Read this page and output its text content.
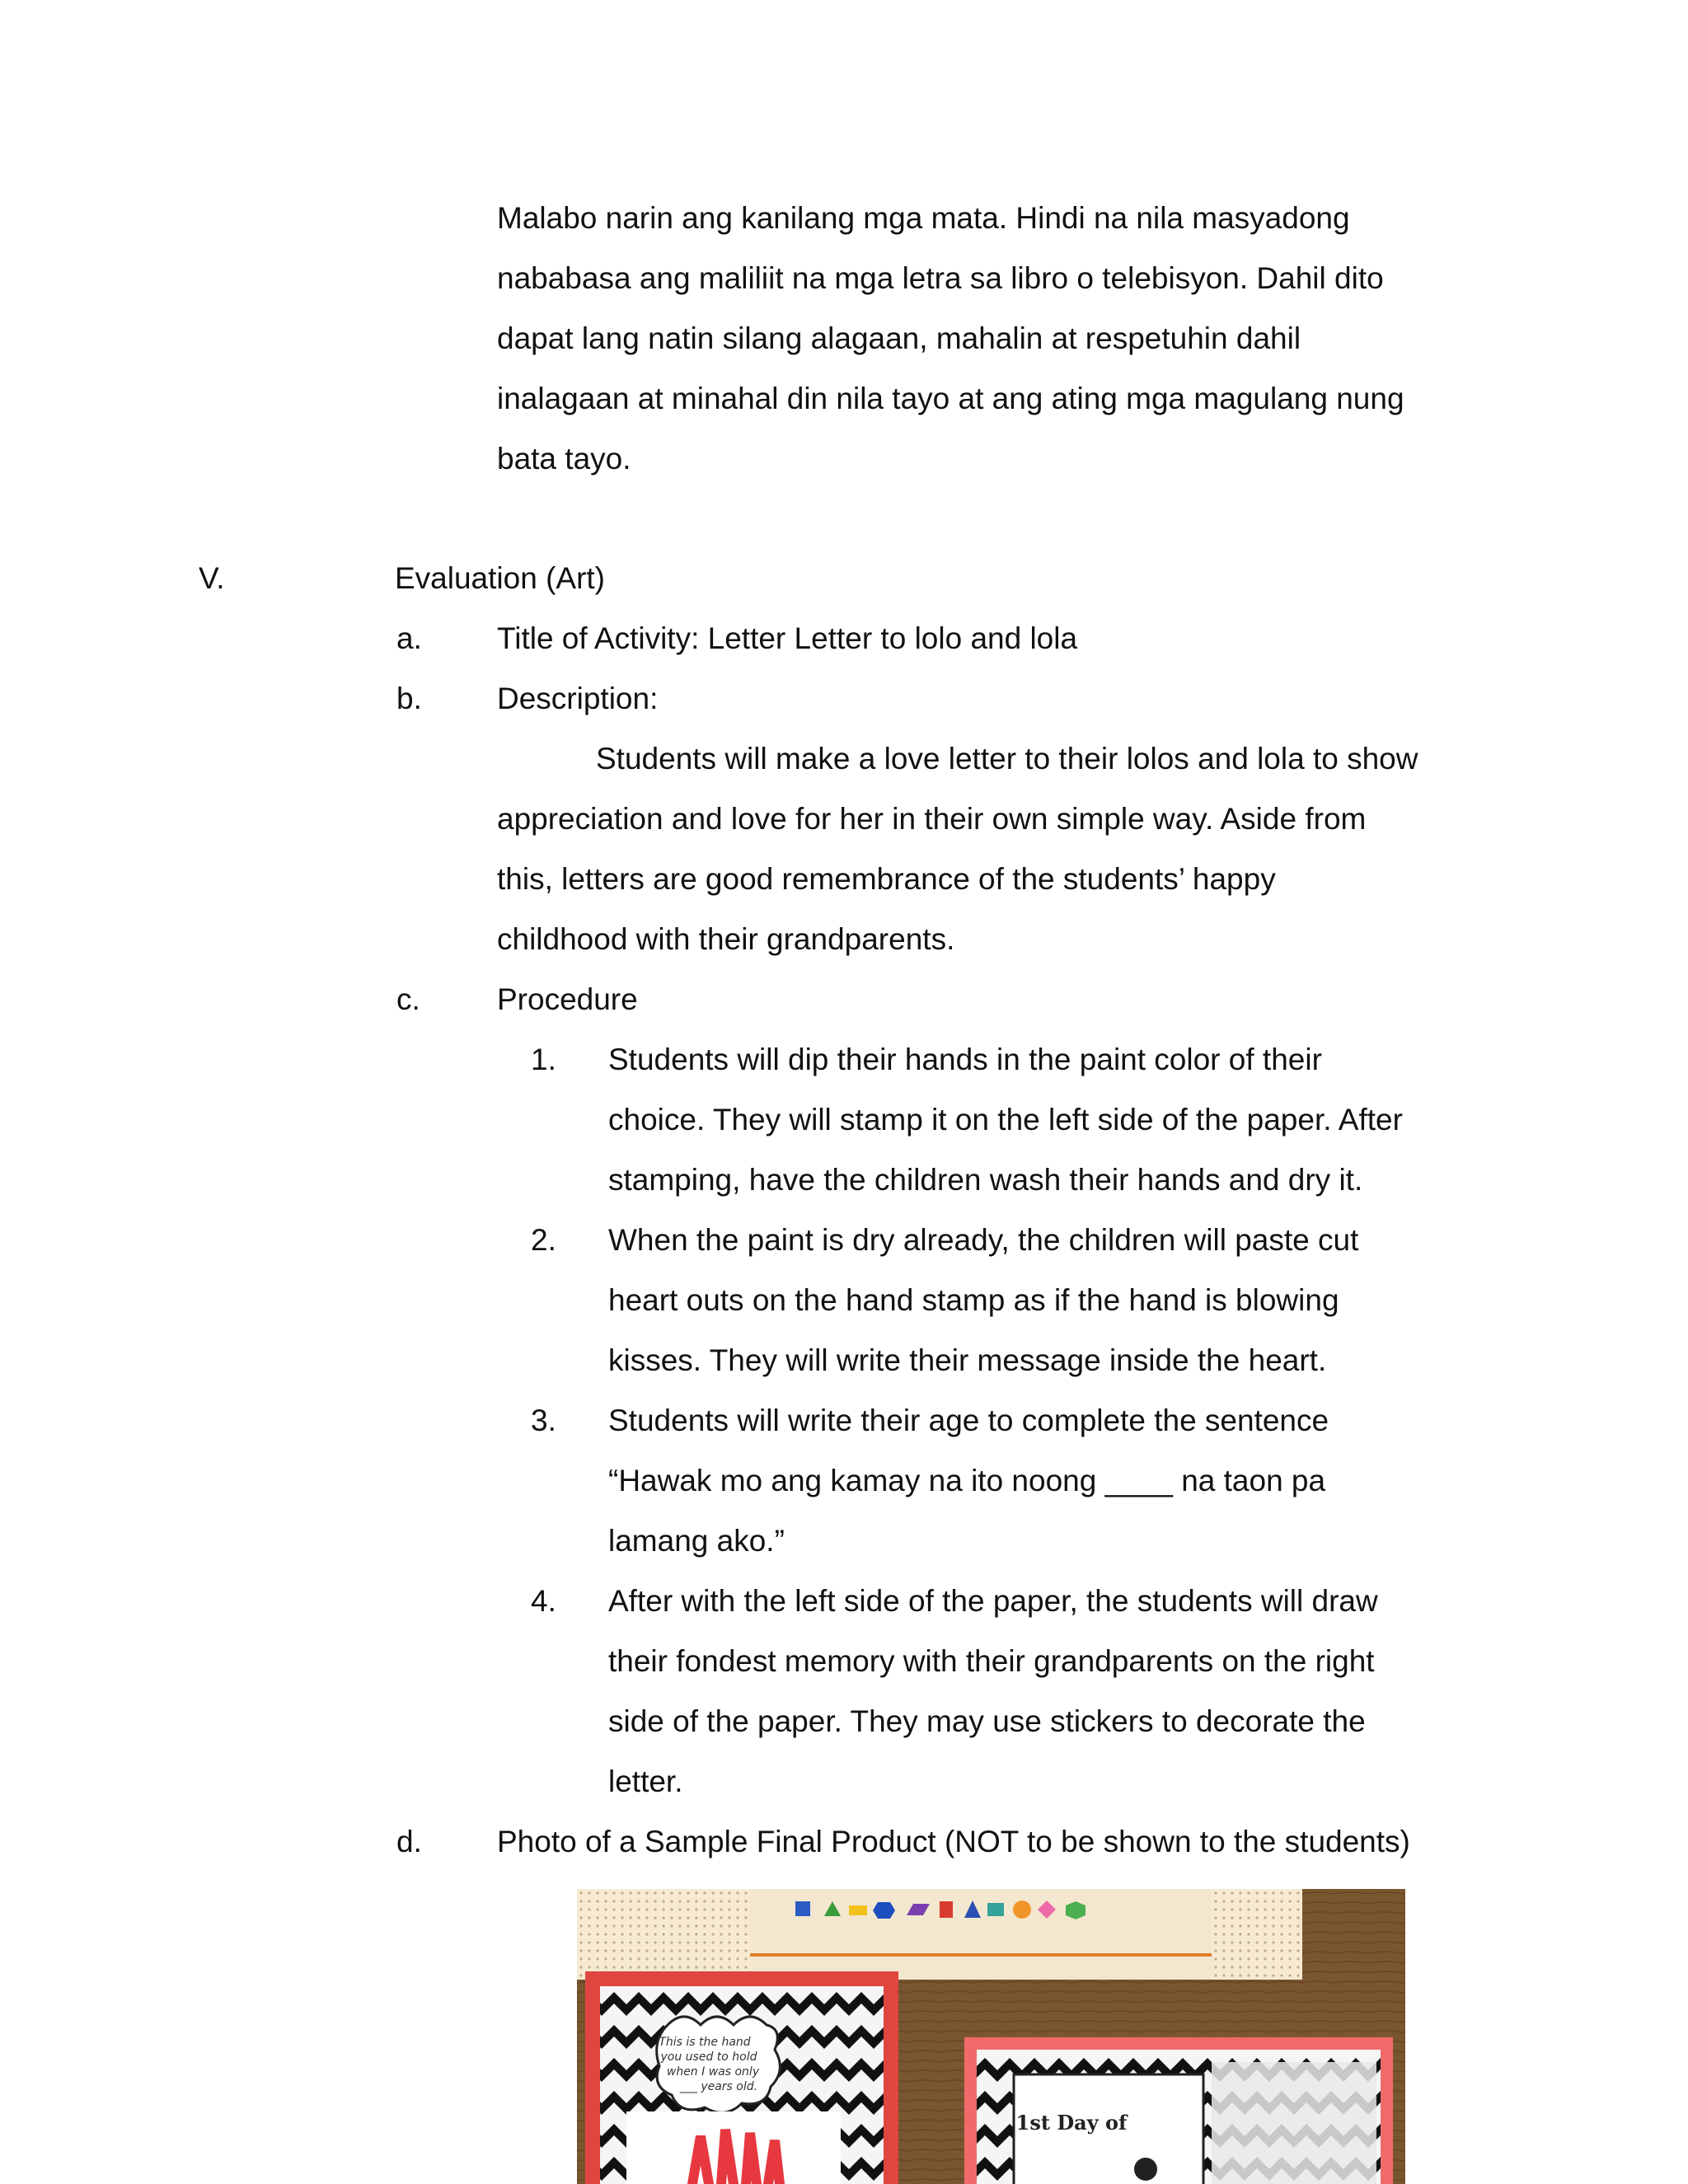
Malabo narin ang kanilang mga mata. Hindi na nila masyadong
nababasa ang maliliit na mga letra sa libro o telebisyon. Dahil dito
dapat lang natin silang alagaan, mahalin at respetuhin dahil
inalagaan at minahal din nila tayo at ang ating mga magulang nung
bata tayo.
V.	Evaluation (Art)
a. Title of Activity: Letter Letter to lolo and lola
b. Description:
Students will make a love letter to their lolos and lola to show
appreciation and love for her in their own simple way. Aside from
this, letters are good remembrance of the students’ happy
childhood with their grandparents.
c.	Procedure
1. Students will dip their hands in the paint color of their
choice. They will stamp it on the left side of the paper. After
stamping, have the children wash their hands and dry it.
2. When the paint is dry already, the children will paste cut
heart outs on the hand stamp as if the hand is blowing
kisses. They will write their message inside the heart.
3. Students will write their age to complete the sentence
“Hawak mo ang kamay na ito noong ____ na taon pa
lamang ako.”
4. After with the left side of the paper, the students will draw
their fondest memory with their grandparents on the right
side of the paper. They may use stickers to decorate the
letter.
d. Photo of a Sample Final Product (NOT to be shown to the students)
This is the hand
you used to hold
when I was only
___ years old.
1st Day of
